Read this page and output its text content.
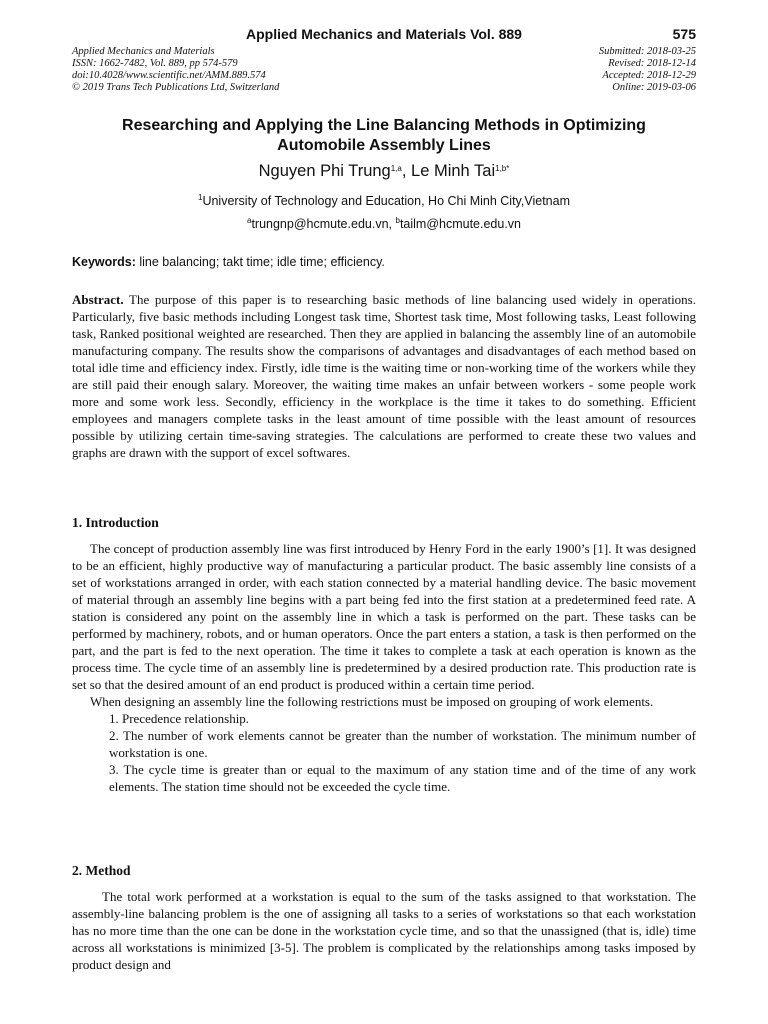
Applied Mechanics and Materials Vol. 889	575
Applied Mechanics and Materials
ISSN: 1662-7482, Vol. 889, pp 574-579
doi:10.4028/www.scientific.net/AMM.889.574
© 2019 Trans Tech Publications Ltd, Switzerland
Submitted: 2018-03-25
Revised: 2018-12-14
Accepted: 2018-12-29
Online: 2019-03-06
Researching and Applying the Line Balancing Methods in Optimizing
Automobile Assembly Lines
Nguyen Phi Trung$^{1,a}$, Le Minh Tai$^{1,b*}$
$^1$University of Technology and Education, Ho Chi Minh City,Vietnam
$^a$trungnp@hcmute.edu.vn, $^b$tailm@hcmute.edu.vn
Keywords: line balancing; takt time; idle time; efficiency.
Abstract. The purpose of this paper is to researching basic methods of line balancing used widely in operations. Particularly, five basic methods including Longest task time, Shortest task time, Most following tasks, Least following task, Ranked positional weighted are researched. Then they are applied in balancing the assembly line of an automobile manufacturing company. The results show the comparisons of advantages and disadvantages of each method based on total idle time and efficiency index. Firstly, idle time is the waiting time or non-working time of the workers while they are still paid their enough salary. Moreover, the waiting time makes an unfair between workers - some people work more and some work less. Secondly, efficiency in the workplace is the time it takes to do something. Efficient employees and managers complete tasks in the least amount of time possible with the least amount of resources possible by utilizing certain time-saving strategies. The calculations are performed to create these two values and graphs are drawn with the support of excel softwares.
1. Introduction

The concept of production assembly line was first introduced by Henry Ford in the early 1900’s [1]. It was designed to be an efficient, highly productive way of manufacturing a particular product. The basic assembly line consists of a set of workstations arranged in order, with each station connected by a material handling device. The basic movement of material through an assembly line begins with a part being fed into the first station at a predetermined feed rate. A station is considered any point on the assembly line in which a task is performed on the part. These tasks can be performed by machinery, robots, and or human operators. Once the part enters a station, a task is then performed on the part, and the part is fed to the next operation. The time it takes to complete a task at each operation is known as the process time. The cycle time of an assembly line is predetermined by a desired production rate. This production rate is set so that the desired amount of an end product is produced within a certain time period.

When designing an assembly line the following restrictions must be imposed on grouping of work elements.

1. Precedence relationship.
2. The number of work elements cannot be greater than the number of workstation. The minimum number of workstation is one.
3. The cycle time is greater than or equal to the maximum of any station time and of the time of any work elements. The station time should not be exceeded the cycle time.
2. Method

The total work performed at a workstation is equal to the sum of the tasks assigned to that workstation. The assembly-line balancing problem is the one of assigning all tasks to a series of workstations so that each workstation has no more time than the one can be done in the workstation cycle time, and so that the unassigned (that is, idle) time across all workstations is minimized [3-5]. The problem is complicated by the relationships among tasks imposed by product design and
